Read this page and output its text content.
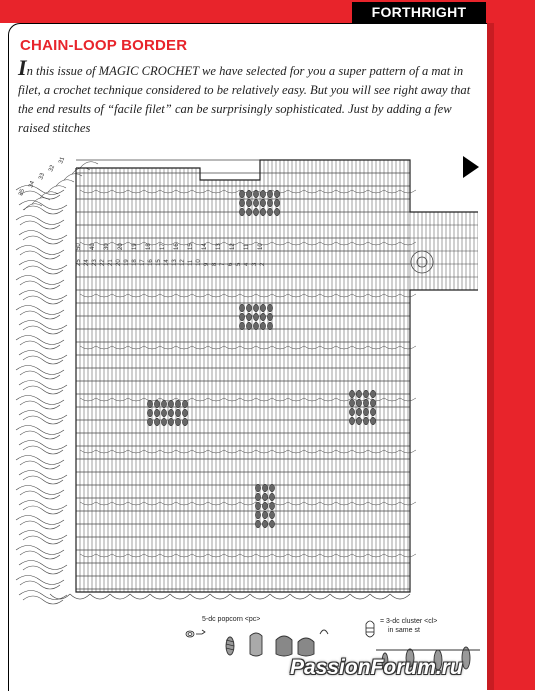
FORTHRIGHT
CHAIN-LOOP BORDER

In this issue of MAGIC CROCHET we have selected for you a super pattern of a mat in filet, a crochet technique considered to be relatively easy. But you will see right away that the end results of “facile filet” can be surprisingly sophisticated. Just by adding a few raised stitches

31
32
33
34
35
50 40 30 20 19 18 17 16 15 14 13 12 11 10
25 24 23 22 21 20 19 18 17 16 15 14 13 12 11 10 9 8 7 6 5 4 3 2
5-dc popcorn <pc>	= 3-dc cluster <cl>
in same st
PassionForum.ru
